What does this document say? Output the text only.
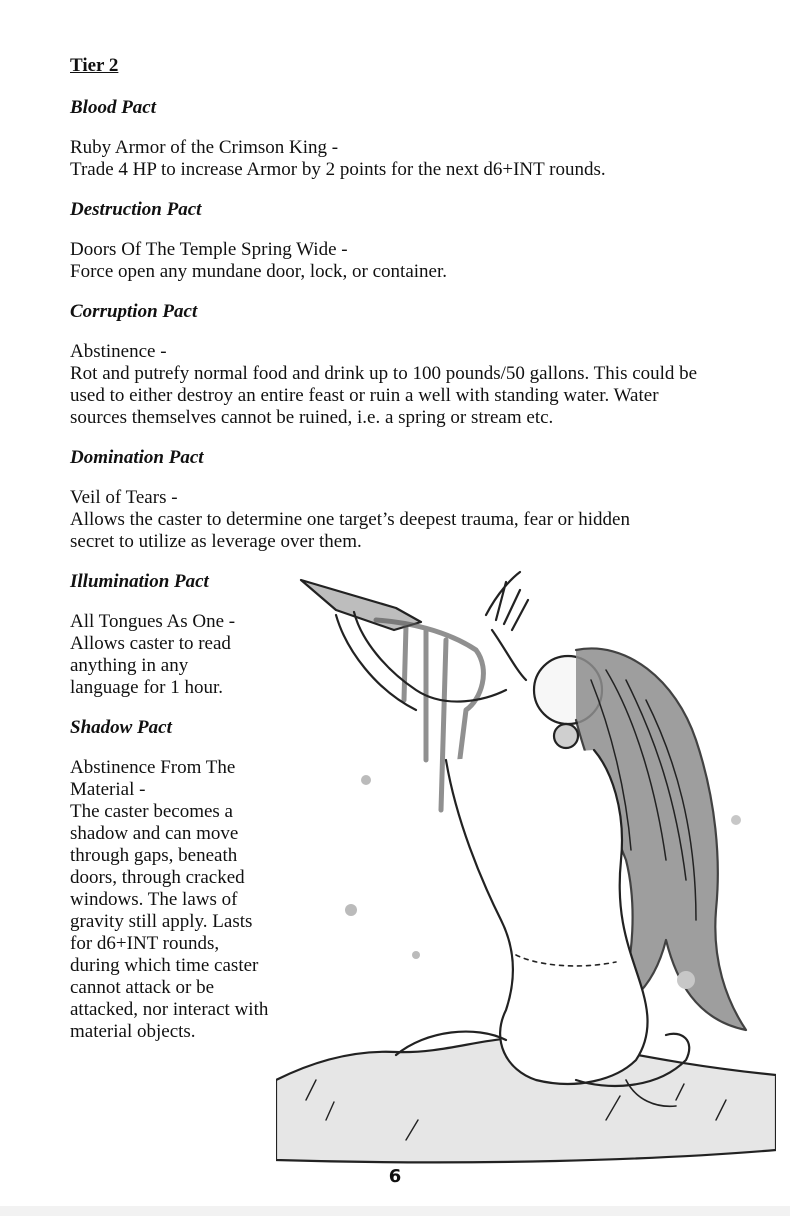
Tier 2

Blood Pact

Ruby Armor of the Crimson King -

Trade 4 HP to increase Armor by 2 points for the next d6+INT rounds.

Destruction Pact

Doors Of The Temple Spring Wide -

Force open any mundane door, lock, or container.

Corruption Pact

Abstinence -

Rot and putrefy normal food and drink up to 100 pounds/50 gallons. This could be used to either destroy an entire feast or ruin a well with standing water. Water sources themselves cannot be ruined, i.e. a spring or stream etc.

Domination Pact

Veil of Tears -

Allows the caster to determine one target’s deepest trauma, fear or hidden secret to utilize as leverage over them.

Illumination Pact

All Tongues As One -

Allows caster to read anything in any language for 1 hour.

Shadow Pact

Abstinence From The Material -

The caster becomes a shadow and can move through gaps, beneath doors, through cracked windows. The laws of gravity still apply. Lasts for d6+INT rounds, during which time caster cannot attack or be attacked, nor interact with material objects.

6
